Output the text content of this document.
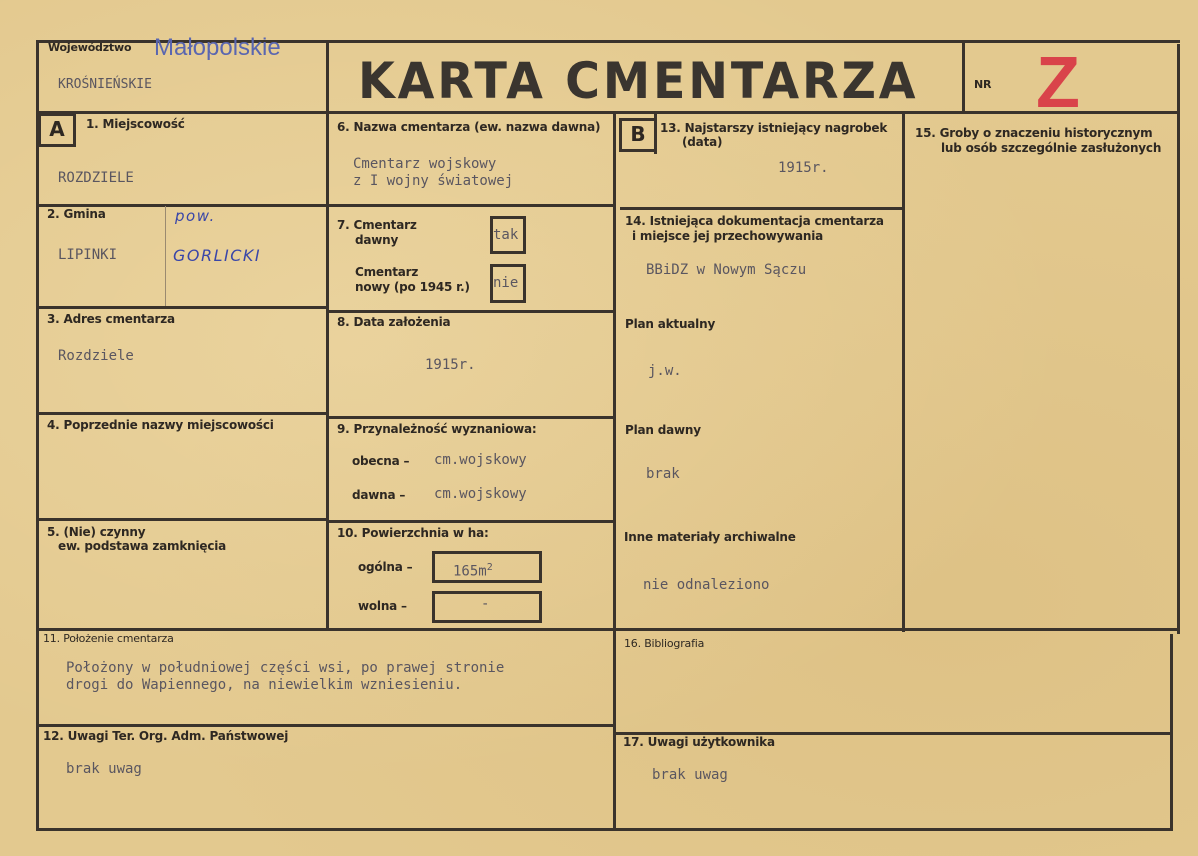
Województwo Małopolskie
KROŚNIEŃSKIE	KARTA CMENTARZA	NR Z
A	1. Miejscowość
ROZDZIELE
2. Gmina	pow.
LIPINKI	GORLICKI
3. Adres cmentarza
Rozdziele
4. Poprzednie nazwy miejscowości
5. (Nie) czynny
ew. podstawa zamknięcia
6. Nazwa cmentarza (ew. nazwa dawna)
Cmentarz wojskowy
z I wojny światowej
7. Cmentarz
dawny	tak
Cmentarz
nowy (po 1945 r.) nie
8. Data założenia
1915r.
9. Przynależność wyznaniowa:
obecna – cm.wojskowy
dawna – cm.wojskowy
10. Powierzchnia w ha:
ogólna –	$165m^2$
wolna –	-
11. Położenie cmentarza
Położony w południowej części wsi, po prawej stronie
drogi do Wapiennego, na niewielkim wzniesieniu.
12. Uwagi Ter. Org. Adm. Państwowej
brak uwag
B	13. Najstarszy istniejący nagrobek
(data)
1915r.
14. Istniejąca dokumentacja cmentarza
i miejsce jej przechowywania
BBiDZ w Nowym Sączu
Plan aktualny
j.w.
Plan dawny
brak
Inne materiały archiwalne
nie odnaleziono
15. Groby o znaczeniu historycznym
lub osób szczególnie zasłużonych
16. Bibliografia
17. Uwagi użytkownika
brak uwag
